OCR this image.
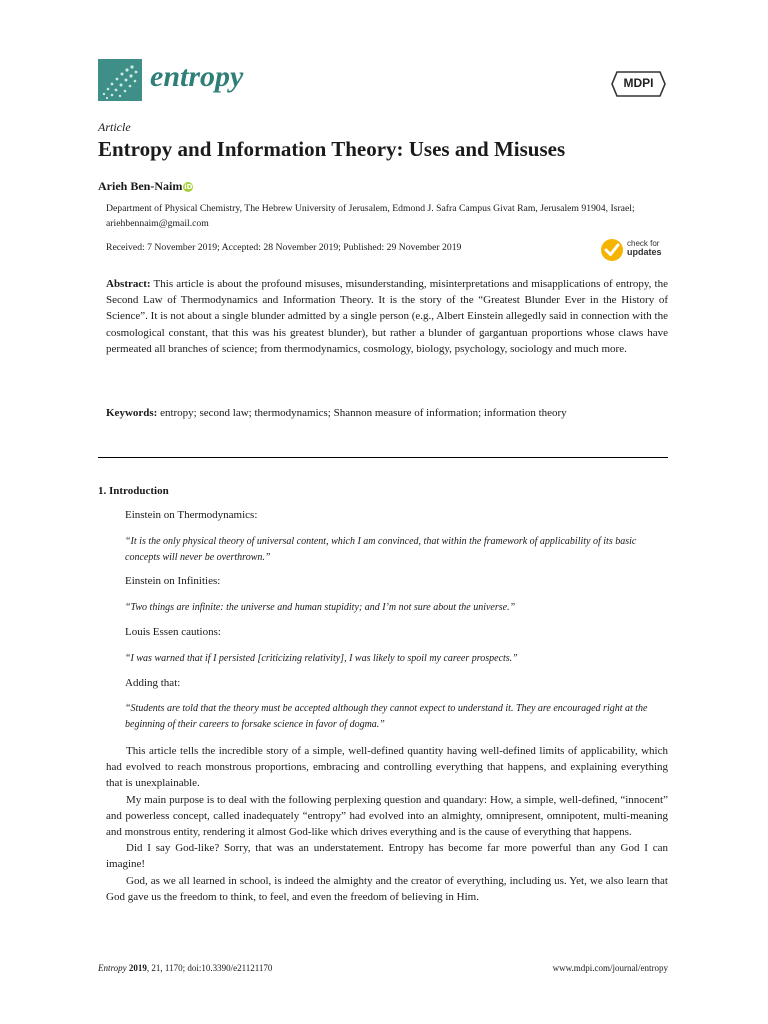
entropy	MDPI
Article
Entropy and Information Theory: Uses and Misuses
Arieh Ben-Naim iD
Department of Physical Chemistry, The Hebrew University of Jerusalem, Edmond J. Safra Campus Givat Ram, Jerusalem 91904, Israel; ariehbennaim@gmail.com
Received: 7 November 2019; Accepted: 28 November 2019; Published: 29 November 2019	check for
updates
Abstract: This article is about the profound misuses, misunderstanding, misinterpretations and misapplications of entropy, the Second Law of Thermodynamics and Information Theory. It is the story of the “Greatest Blunder Ever in the History of Science”. It is not about a single blunder admitted by a single person (e.g., Albert Einstein allegedly said in connection with the cosmological constant, that this was his greatest blunder), but rather a blunder of gargantuan proportions whose claws have permeated all branches of science; from thermodynamics, cosmology, biology, psychology, sociology and much more.
Keywords: entropy; second law; thermodynamics; Shannon measure of information; information theory
1. Introduction
Einstein on Thermodynamics:
“It is the only physical theory of universal content, which I am convinced, that within the framework of applicability of its basic concepts will never be overthrown.”
Einstein on Infinities:
“Two things are infinite: the universe and human stupidity; and I’m not sure about the universe.”
Louis Essen cautions:
“I was warned that if I persisted [criticizing relativity], I was likely to spoil my career prospects.”
Adding that:
“Students are told that the theory must be accepted although they cannot expect to understand it. They are encouraged right at the beginning of their careers to forsake science in favor of dogma.”

This article tells the incredible story of a simple, well-defined quantity having well-defined limits of applicability, which had evolved to reach monstrous proportions, embracing and controlling everything that happens, and explaining everything that is unexplainable.

My main purpose is to deal with the following perplexing question and quandary: How, a simple, well-defined, “innocent” and powerless concept, called inadequately “entropy” had evolved into an almighty, omnipresent, omnipotent, multi-meaning and monstrous entity, rendering it almost God-like which drives everything and is the cause of everything that happens.

Did I say God-like? Sorry, that was an understatement. Entropy has become far more powerful than any God I can imagine!

God, as we all learned in school, is indeed the almighty and the creator of everything, including us. Yet, we also learn that God gave us the freedom to think, to feel, and even the freedom of believing in Him.

Entropy 2019, 21, 1170; doi:10.3390/e21121170	www.mdpi.com/journal/entropy
